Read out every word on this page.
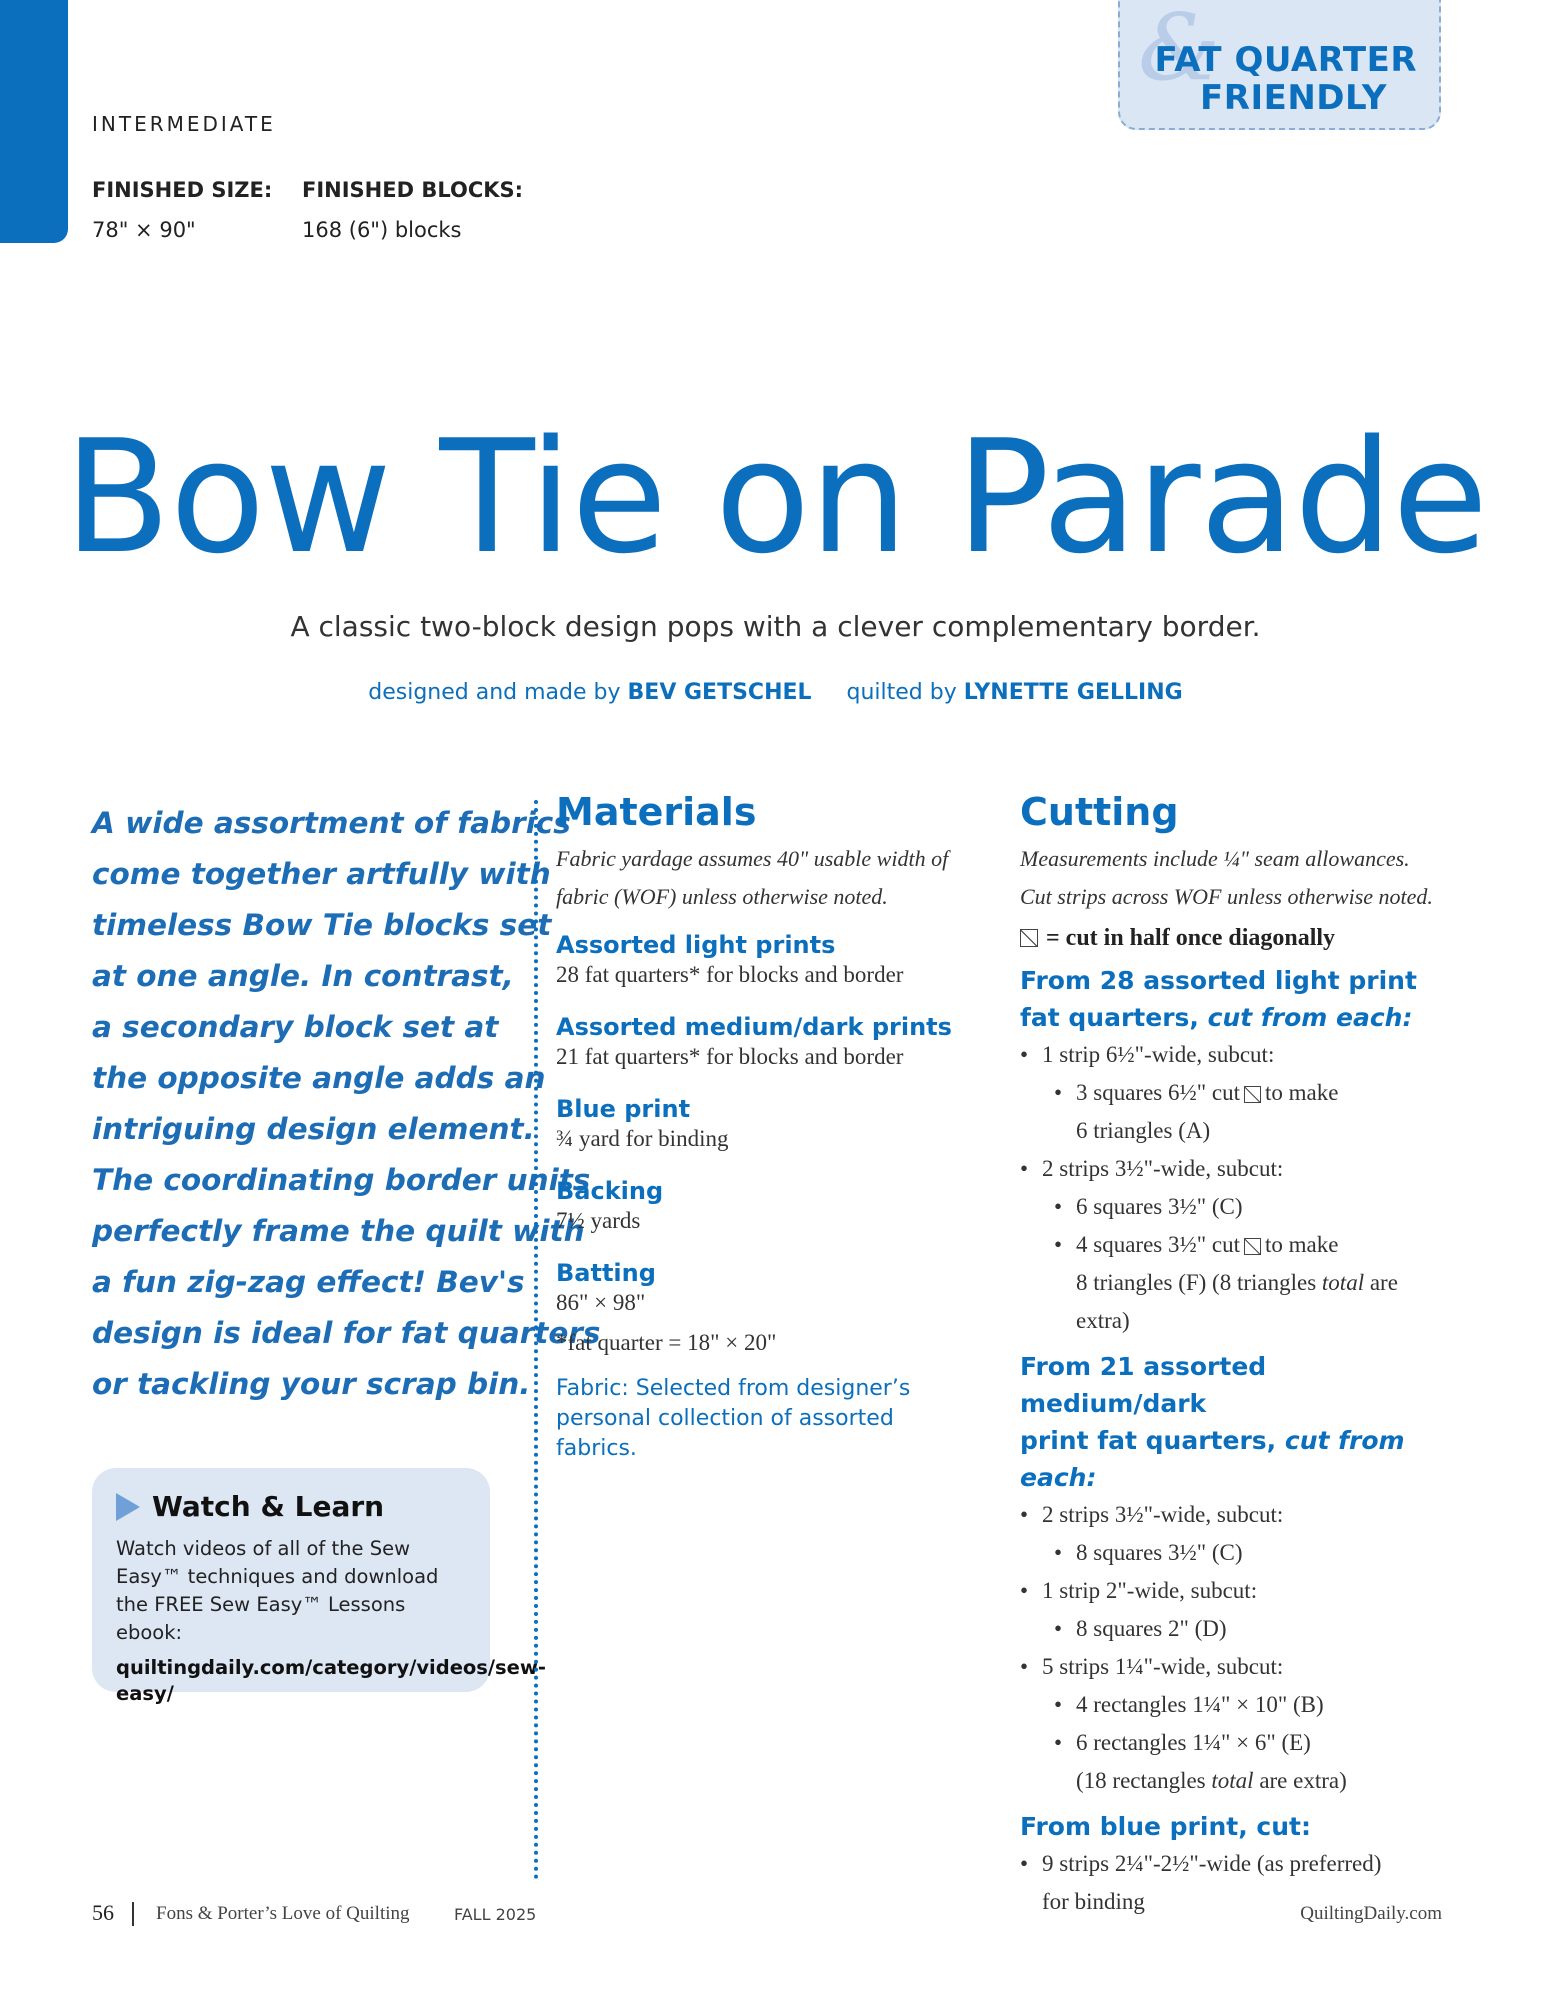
&
FAT QUARTER
FRIENDLY
INTERMEDIATE
FINISHED SIZE:
78" × 90"
FINISHED BLOCKS:
168 (6") blocks
Bow Tie on Parade
A classic two-block design pops with a clever complementary border.
designed and made by BEV GETSCHEL quilted by LYNETTE GELLING
A wide assortment of fabrics
come together artfully with
timeless Bow Tie blocks set
at one angle. In contrast,
a secondary block set at
the opposite angle adds an
intriguing design element.
The coordinating border units
perfectly frame the quilt with
a fun zig-zag effect! Bev's
design is ideal for fat quarters
or tackling your scrap bin.
Watch & Learn
Watch videos of all of the Sew Easy™ techniques and download the FREE Sew Easy™ Lessons ebook:
quiltingdaily.com/category/videos/sew-easy/
Materials
Fabric yardage assumes 40" usable width of fabric (WOF) unless otherwise noted.
Assorted light prints
28 fat quarters* for blocks and border
Assorted medium/dark prints
21 fat quarters* for blocks and border
Blue print
¾ yard for binding
Backing
7½ yards
Batting
86" × 98"
*fat quarter = 18" × 20"
Fabric: Selected from designer’s personal collection of assorted fabrics.
Cutting
Measurements include ¼" seam allowances.
Cut strips across WOF unless otherwise noted.
= cut in half once diagonally
From 28 assorted light print
fat quarters, cut from each:
• 1 strip 6½"-wide, subcut:
• 3 squares 6½" cut to make
6 triangles (A)
• 2 strips 3½"-wide, subcut:
• 6 squares 3½" (C)
• 4 squares 3½" cut to make
8 triangles (F) (8 triangles total are
extra)
From 21 assorted medium/dark
print fat quarters, cut from each:
• 2 strips 3½"-wide, subcut:
• 8 squares 3½" (C)
• 1 strip 2"-wide, subcut:
• 8 squares 2" (D)
• 5 strips 1¼"-wide, subcut:
• 4 rectangles 1¼" × 10" (B)
• 6 rectangles 1¼" × 6" (E)
(18 rectangles total are extra)
From blue print, cut:
• 9 strips 2¼"-2½"-wide (as preferred)
for binding
56 Fons & Porter’s Love of Quilting	FALL 2025	QuiltingDaily.com
